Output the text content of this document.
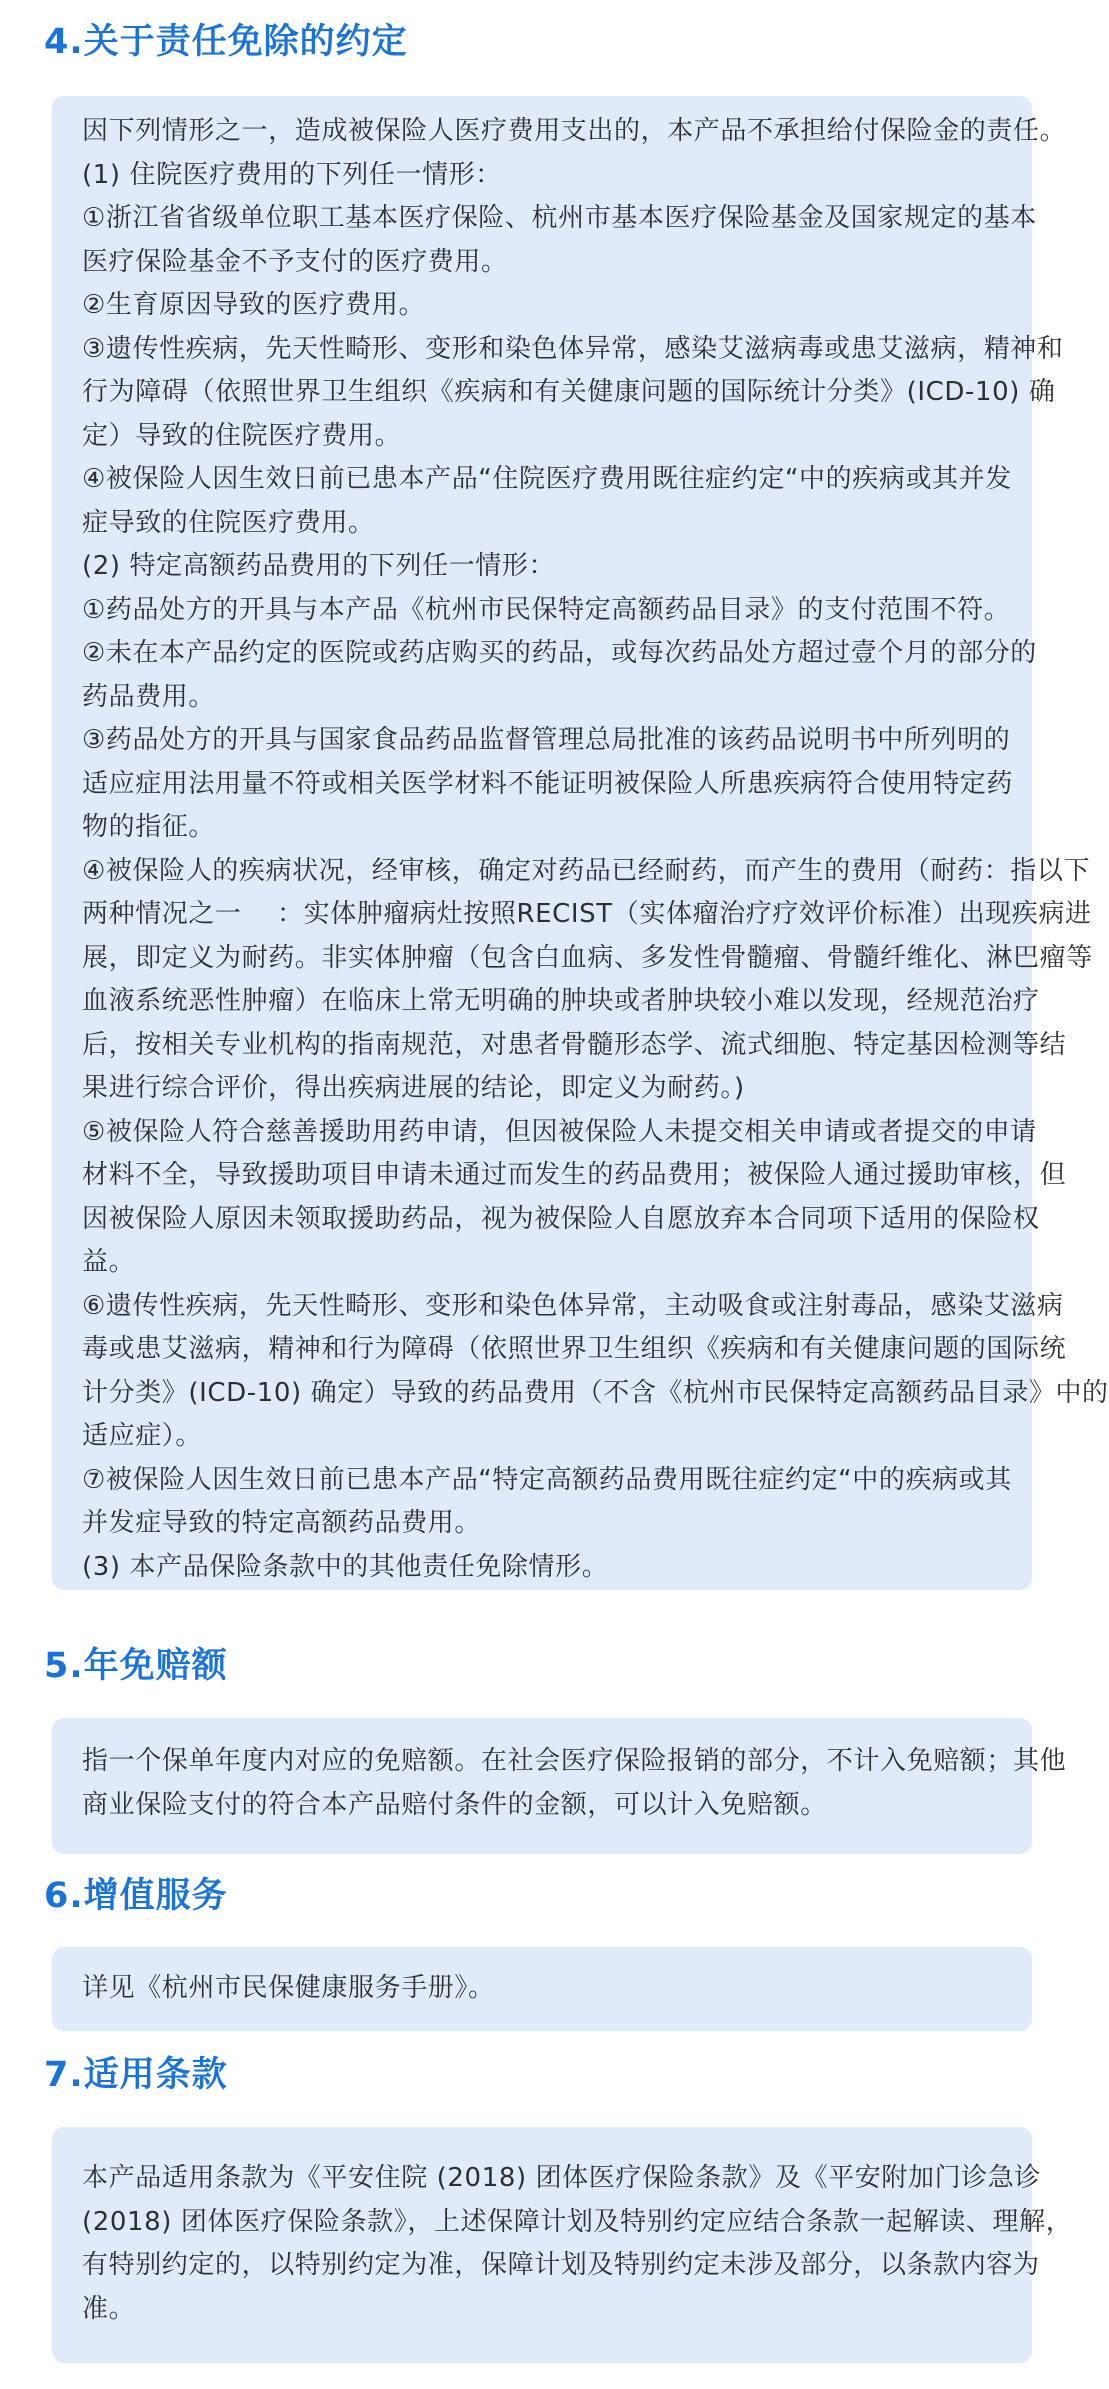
4.关于责任免除的约定
因下列情形之一，造成被保险人医疗费用支出的，本产品不承担给付保险金的责任。
(1) 住院医疗费用的下列任一情形：
①浙江省省级单位职工基本医疗保险、杭州市基本医疗保险基金及国家规定的基本
医疗保险基金不予支付的医疗费用。
②生育原因导致的医疗费用。
③遗传性疾病，先天性畸形、变形和染色体异常，感染艾滋病毒或患艾滋病，精神和
行为障碍（依照世界卫生组织《疾病和有关健康问题的国际统计分类》(ICD-10) 确
定）导致的住院医疗费用。
④被保险人因生效日前已患本产品“住院医疗费用既往症约定“中的疾病或其并发
症导致的住院医疗费用。
(2) 特定高额药品费用的下列任一情形：
①药品处方的开具与本产品《杭州市民保特定高额药品目录》的支付范围不符。
②未在本产品约定的医院或药店购买的药品，或每次药品处方超过壹个月的部分的
药品费用。
③药品处方的开具与国家食品药品监督管理总局批准的该药品说明书中所列明的
适应症用法用量不符或相关医学材料不能证明被保险人所患疾病符合使用特定药
物的指征。
④被保险人的疾病状况，经审核，确定对药品已经耐药，而产生的费用（耐药：指以下
两种情况之一　 ：实体肿瘤病灶按照RECIST（实体瘤治疗疗效评价标准）出现疾病进
展，即定义为耐药。非实体肿瘤（包含白血病、多发性骨髓瘤、骨髓纤维化、淋巴瘤等
血液系统恶性肿瘤）在临床上常无明确的肿块或者肿块较小难以发现，经规范治疗
后，按相关专业机构的指南规范，对患者骨髓形态学、流式细胞、特定基因检测等结
果进行综合评价，得出疾病进展的结论，即定义为耐药。)
⑤被保险人符合慈善援助用药申请，但因被保险人未提交相关申请或者提交的申请
材料不全，导致援助项目申请未通过而发生的药品费用；被保险人通过援助审核，但
因被保险人原因未领取援助药品，视为被保险人自愿放弃本合同项下适用的保险权
益。
⑥遗传性疾病，先天性畸形、变形和染色体异常，主动吸食或注射毒品，感染艾滋病
毒或患艾滋病，精神和行为障碍（依照世界卫生组织《疾病和有关健康问题的国际统
计分类》(ICD-10) 确定）导致的药品费用（不含《杭州市民保特定高额药品目录》中的
适应症）。
⑦被保险人因生效日前已患本产品“特定高额药品费用既往症约定“中的疾病或其
并发症导致的特定高额药品费用。
(3) 本产品保险条款中的其他责任免除情形。
5.年免赔额
指一个保单年度内对应的免赔额。在社会医疗保险报销的部分，不计入免赔额；其他
商业保险支付的符合本产品赔付条件的金额，可以计入免赔额。
6.增值服务
详见《杭州市民保健康服务手册》。
7.适用条款
本产品适用条款为《平安住院 (2018) 团体医疗保险条款》及《平安附加门诊急诊
(2018) 团体医疗保险条款》，上述保障计划及特别约定应结合条款一起解读、理解，
有特别约定的，以特别约定为准，保障计划及特别约定未涉及部分，以条款内容为
准。
